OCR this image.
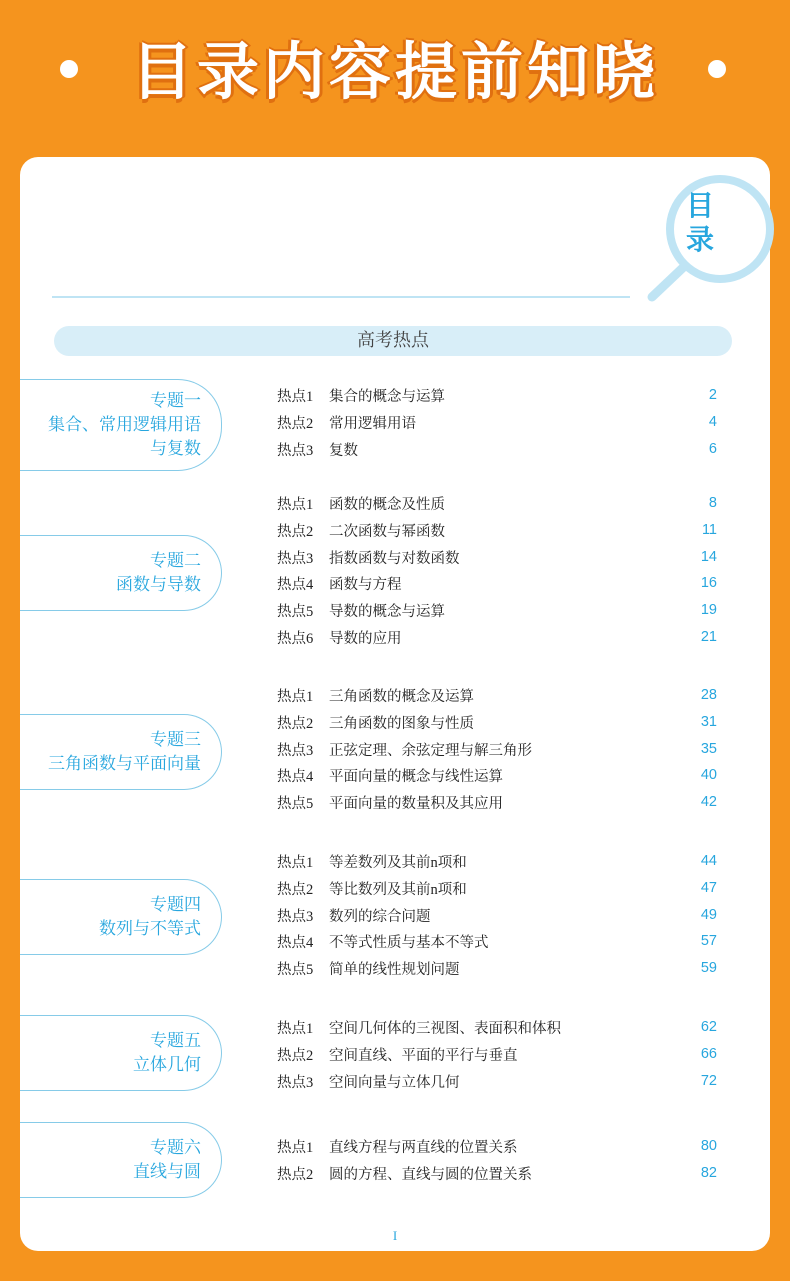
目录内容提前知晓
目
录
高考热点
专题一
集合、常用逻辑用语
与复数
热点1 集合的概念与运算	2
热点2 常用逻辑用语	4
热点3 复数	6
专题二
函数与导数
热点1 函数的概念及性质	8
热点2 二次函数与幂函数	11
热点3 指数函数与对数函数	14
热点4 函数与方程	16
热点5 导数的概念与运算	19
热点6 导数的应用	21
专题三
三角函数与平面向量
热点1 三角函数的概念及运算	28
热点2 三角函数的图象与性质	31
热点3 正弦定理、余弦定理与解三角形	35
热点4 平面向量的概念与线性运算	40
热点5 平面向量的数量积及其应用	42
专题四
数列与不等式
热点1 等差数列及其前n项和	44
热点2 等比数列及其前n项和	47
热点3 数列的综合问题	49
热点4 不等式性质与基本不等式	57
热点5 简单的线性规划问题	59
专题五
立体几何
热点1 空间几何体的三视图、表面积和体积	62
热点2 空间直线、平面的平行与垂直	66
热点3 空间向量与立体几何	72
专题六
直线与圆
热点1 直线方程与两直线的位置关系	80
热点2 圆的方程、直线与圆的位置关系	82
I
